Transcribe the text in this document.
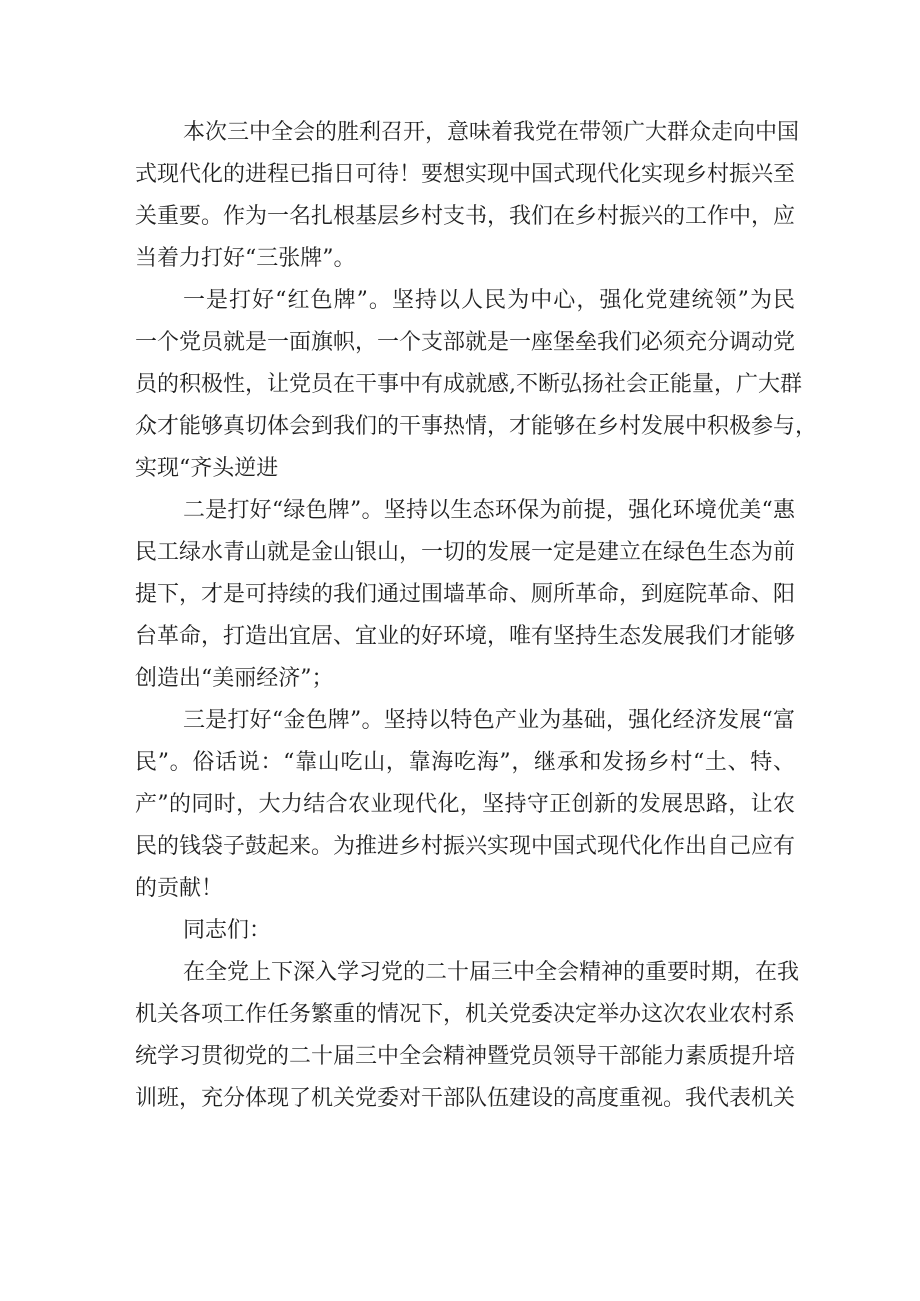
本次三中全会的胜利召开，意味着我党在带领广大群众走向中国
式现代化的进程已指日可待！要想实现中国式现代化实现乡村振兴至
关重要。作为一名扎根基层乡村支书，我们在乡村振兴的工作中，应
当着力打好“三张牌”。
一是打好“红色牌”。坚持以人民为中心，强化党建统领”为民
一个党员就是一面旗帜，一个支部就是一座堡垒我们必须充分调动党
员的积极性，让党员在干事中有成就感,不断弘扬社会正能量，广大群
众才能够真切体会到我们的干事热情，才能够在乡村发展中积极参与，
实现“齐头逆进
二是打好“绿色牌”。坚持以生态环保为前提，强化环境优美“惠
民工绿水青山就是金山银山，一切的发展一定是建立在绿色生态为前
提下，才是可持续的我们通过围墙革命、厕所革命，到庭院革命、阳
台革命，打造出宜居、宜业的好环境，唯有坚持生态发展我们才能够
创造出“美丽经济”；
三是打好“金色牌”。坚持以特色产业为基础，强化经济发展“富
民”。俗话说：“靠山吃山，靠海吃海”，继承和发扬乡村“土、特、
产”的同时，大力结合农业现代化，坚持守正创新的发展思路，让农
民的钱袋子鼓起来。为推进乡村振兴实现中国式现代化作出自己应有
的贡献！
同志们：
在全党上下深入学习党的二十届三中全会精神的重要时期，在我
机关各项工作任务繁重的情况下，机关党委决定举办这次农业农村系
统学习贯彻党的二十届三中全会精神暨党员领导干部能力素质提升培
训班，充分体现了机关党委对干部队伍建设的高度重视。我代表机关
